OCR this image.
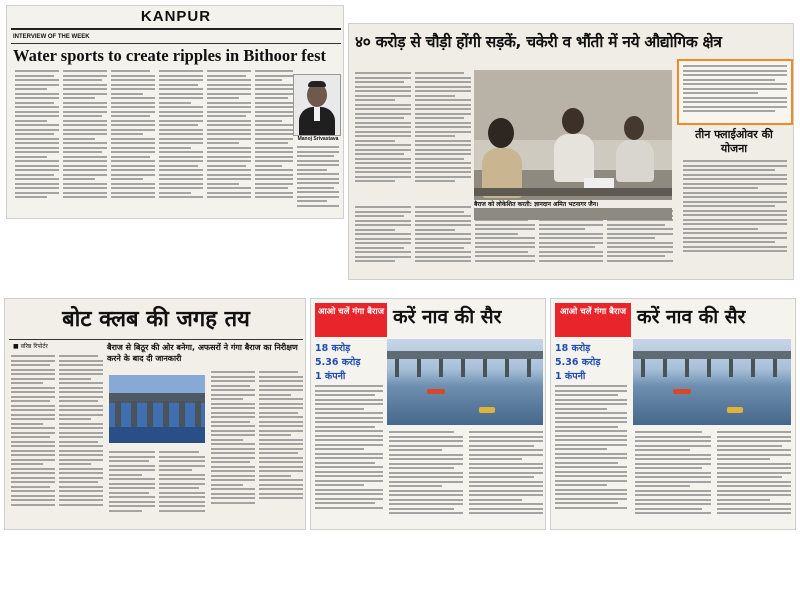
KANPUR
INTERVIEW OF THE WEEK
Water sports to create ripples in Bithoor fest
Manoj Srivastava
४० करोड़ से चौड़ी होंगी सड़कें, चकेरी व भौंती में नये औद्योगिक क्षेत्र
बैराज को लोकेशित करती: ज्ञानदान अमित भटनागर जैन।
तीन फ्लाईओवर की योजना
बोट क्लब की जगह तय
■ वरिष्ठ रिपोर्टर	बैराज से बिठूर की ओर बनेगा, अफसरों ने गंगा बैराज का निरीक्षण करने के बाद दी जानकारी
आओ चलें गंगा बैराज करें नाव की सैर
18 करोड़
5.36 करोड़
1 कंपनी
आओ चलें गंगा बैराज करें नाव की सैर
18 करोड़
5.36 करोड़
1 कंपनी
